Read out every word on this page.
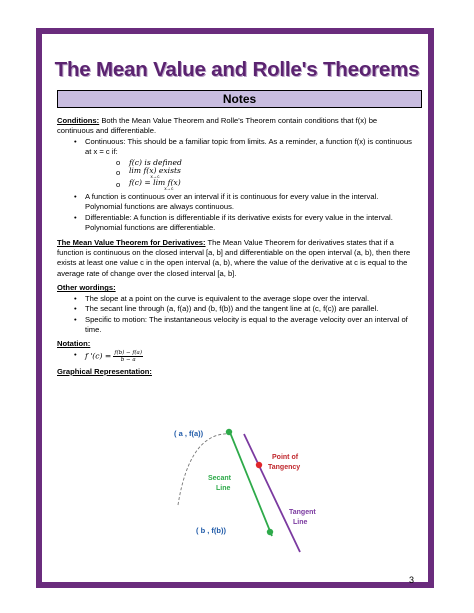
The Mean Value and Rolle's Theorems
Notes

Conditions: Both the Mean Value Theorem and Rolle's Theorem contain conditions that f(x) be continuous and differentiable.

• Continuous: This should be a familiar topic from limits. As a reminder, a function f(x) is continuous at x = c if:
o f(c) is defined
o lim f(x) exists
x→c
o f(c) = lim f(x)
x→c
• A function is continuous over an interval if it is continuous for every value in the interval. Polynomial functions are always continuous.
• Differentiable: A function is differentiable if its derivative exists for every value in the interval. Polynomial functions are differentiable.

The Mean Value Theorem for Derivatives: The Mean Value Theorem for derivatives states that if a function is continuous on the closed interval [a, b] and differentiable on the open interval (a, b), then there exists at least one value c in the open interval (a, b), where the value of the derivative at c is equal to the average rate of change over the closed interval [a, b].

Other wordings:

• The slope at a point on the curve is equivalent to the average slope over the interval.
• The secant line through (a, f(a)) and (b, f(b)) and the tangent line at (c, f(c)) are parallel.
• Specific to motion: The instantaneous velocity is equal to the average velocity over an interval of time.

Notation:

• f '$(c) = \frac{f(b) - f(a)}{b - a}$

Graphical Representation:

( a , f(a))
( b , f(b))
Secant
Line
Point of
Tangency
Tangent
Line
3
